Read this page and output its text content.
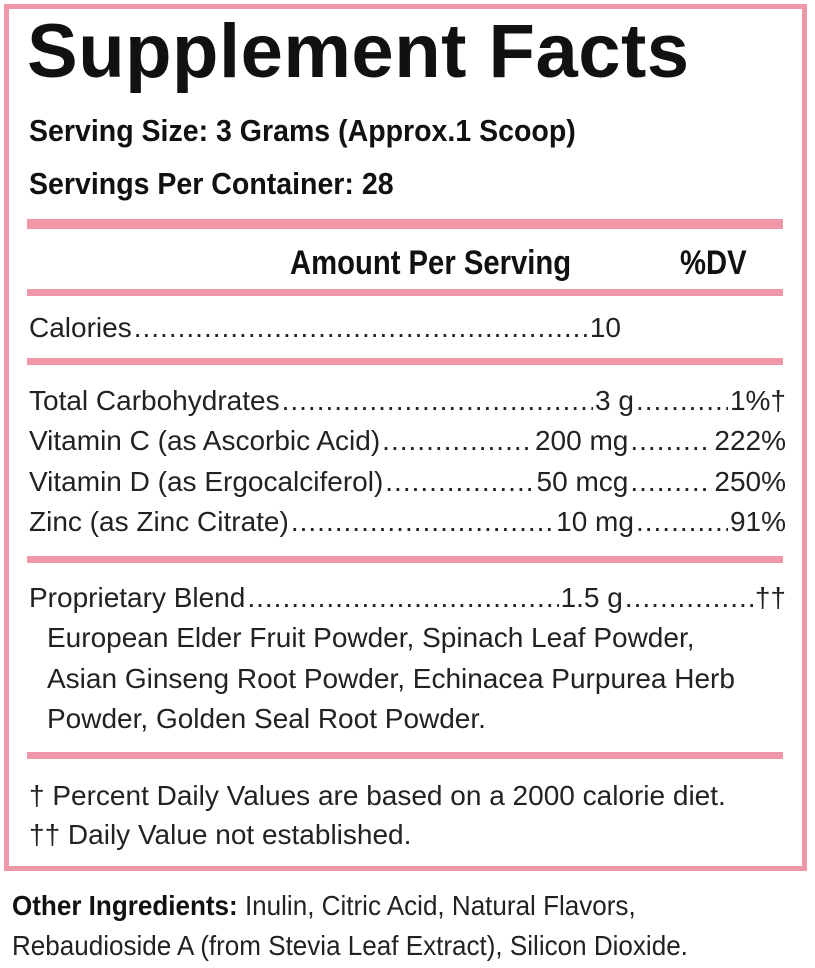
Supplement Facts
Serving Size: 3 Grams (Approx.1 Scoop)
Servings Per Container: 28
Amount Per Serving	%DV
Calories .....	10
Total Carbohydrates .....	3 g .....	1%†
Vitamin C (as Ascorbic Acid) .....	200 mg .....	222%
Vitamin D (as Ergocalciferol) .....	50 mcg .....	250%
Zinc (as Zinc Citrate) .....	10 mg .....	91%
Proprietary Blend .....	1.5 g .....	††
European Elder Fruit Powder, Spinach Leaf Powder,
Asian Ginseng Root Powder, Echinacea Purpurea Herb
Powder, Golden Seal Root Powder.
† Percent Daily Values are based on a 2000 calorie diet.
†† Daily Value not established.
Other Ingredients: Inulin, Citric Acid, Natural Flavors,
Rebaudioside A (from Stevia Leaf Extract), Silicon Dioxide.
